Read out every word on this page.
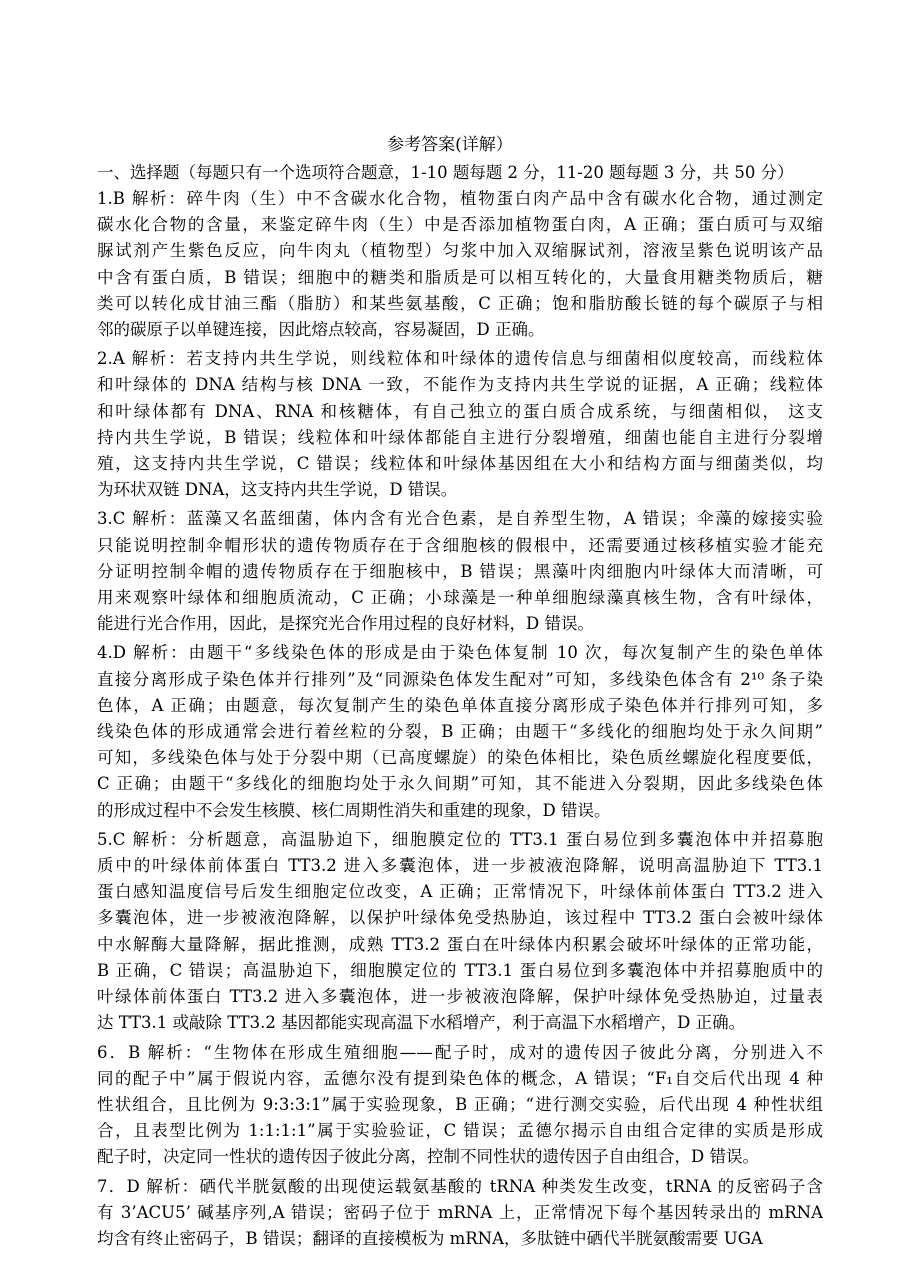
参考答案(详解）
一、选择题（每题只有一个选项符合题意，1-10 题每题 2 分，11-20 题每题 3 分，共 50 分）
1.B 解析：碎牛肉（生）中不含碳水化合物，植物蛋白肉产品中含有碳水化合物，通过测定
碳水化合物的含量，来鉴定碎牛肉（生）中是否添加植物蛋白肉，A 正确；蛋白质可与双缩
脲试剂产生紫色反应，向牛肉丸（植物型）匀浆中加入双缩脲试剂，溶液呈紫色说明该产品
中含有蛋白质，B 错误；细胞中的糖类和脂质是可以相互转化的，大量食用糖类物质后，糖
类可以转化成甘油三酯（脂肪）和某些氨基酸，C 正确；饱和脂肪酸长链的每个碳原子与相
邻的碳原子以单键连接，因此熔点较高，容易凝固，D 正确。
2.A 解析：若支持内共生学说，则线粒体和叶绿体的遗传信息与细菌相似度较高，而线粒体
和叶绿体的 DNA 结构与核 DNA 一致，不能作为支持内共生学说的证据，A 正确；线粒体
和叶绿体都有 DNA、RNA 和核糖体，有自己独立的蛋白质合成系统，与细菌相似， 这支
持内共生学说，B 错误；线粒体和叶绿体都能自主进行分裂增殖，细菌也能自主进行分裂增
殖，这支持内共生学说，C 错误；线粒体和叶绿体基因组在大小和结构方面与细菌类似，均
为环状双链 DNA，这支持内共生学说，D 错误。
3.C 解析：蓝藻又名蓝细菌，体内含有光合色素，是自养型生物，A 错误；伞藻的嫁接实验
只能说明控制伞帽形状的遗传物质存在于含细胞核的假根中，还需要通过核移植实验才能充
分证明控制伞帽的遗传物质存在于细胞核中，B 错误；黑藻叶肉细胞内叶绿体大而清晰，可
用来观察叶绿体和细胞质流动，C 正确；小球藻是一种单细胞绿藻真核生物，含有叶绿体，
能进行光合作用，因此，是探究光合作用过程的良好材料，D 错误。
4.D 解析：由题干“多线染色体的形成是由于染色体复制 10 次，每次复制产生的染色单体
直接分离形成子染色体并行排列”及“同源染色体发生配对”可知，多线染色体含有 2¹⁰ 条子染
色体，A 正确；由题意，每次复制产生的染色单体直接分离形成子染色体并行排列可知，多
线染色体的形成通常会进行着丝粒的分裂，B 正确；由题干“多线化的细胞均处于永久间期”
可知，多线染色体与处于分裂中期（已高度螺旋）的染色体相比，染色质丝螺旋化程度要低，
C 正确；由题干“多线化的细胞均处于永久间期”可知，其不能进入分裂期，因此多线染色体
的形成过程中不会发生核膜、核仁周期性消失和重建的现象，D 错误。
5.C 解析：分析题意，高温胁迫下，细胞膜定位的 TT3.1 蛋白易位到多囊泡体中并招募胞
质中的叶绿体前体蛋白 TT3.2 进入多囊泡体，进一步被液泡降解，说明高温胁迫下 TT3.1
蛋白感知温度信号后发生细胞定位改变，A 正确；正常情况下，叶绿体前体蛋白 TT3.2 进入
多囊泡体，进一步被液泡降解，以保护叶绿体免受热胁迫，该过程中 TT3.2 蛋白会被叶绿体
中水解酶大量降解，据此推测，成熟 TT3.2 蛋白在叶绿体内积累会破坏叶绿体的正常功能，
B 正确，C 错误；高温胁迫下，细胞膜定位的 TT3.1 蛋白易位到多囊泡体中并招募胞质中的
叶绿体前体蛋白 TT3.2 进入多囊泡体，进一步被液泡降解，保护叶绿体免受热胁迫，过量表
达 TT3.1 或敲除 TT3.2 基因都能实现高温下水稻增产，利于高温下水稻增产，D 正确。
6．B 解析：“生物体在形成生殖细胞——配子时，成对的遗传因子彼此分离，分别进入不
同的配子中”属于假说内容，孟德尔没有提到染色体的概念，A 错误；“F₁自交后代出现 4 种
性状组合，且比例为 9:3:3:1”属于实验现象，B 正确；“进行测交实验，后代出现 4 种性状组
合，且表型比例为 1:1:1:1”属于实验验证，C 错误；孟德尔揭示自由组合定律的实质是形成
配子时，决定同一性状的遗传因子彼此分离，控制不同性状的遗传因子自由组合，D 错误。
7．D 解析：硒代半胱氨酸的出现使运载氨基酸的 tRNA 种类发生改变，tRNA 的反密码子含
有 3’ACU5’ 碱基序列,A 错误；密码子位于 mRNA 上，正常情况下每个基因转录出的 mRNA
均含有终止密码子，B 错误；翻译的直接模板为 mRNA，多肽链中硒代半胱氨酸需要 UGA
